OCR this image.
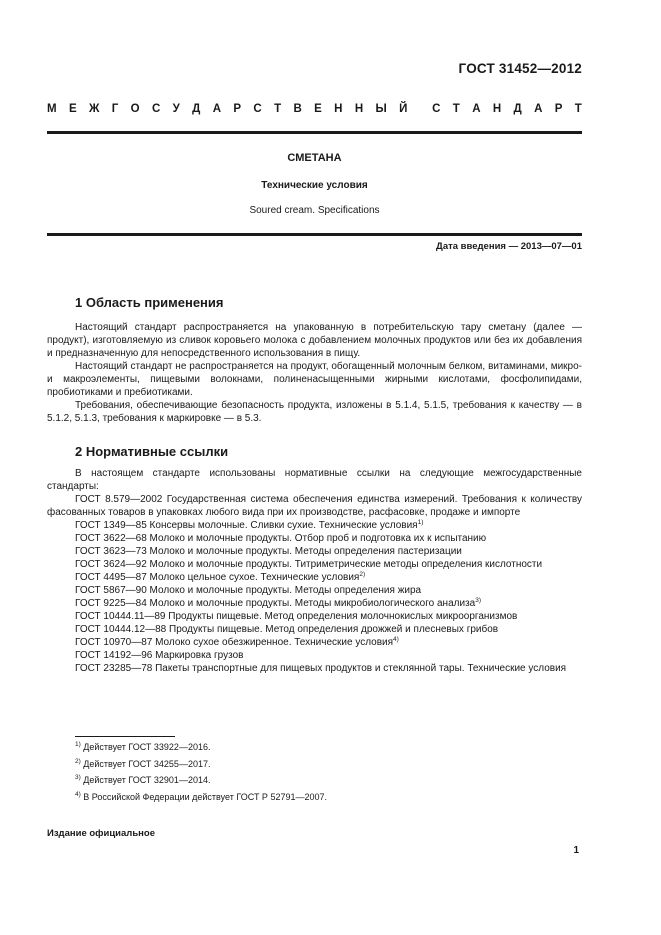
ГОСТ 31452—2012
М Е Ж Г О С У Д А Р С Т В Е Н Н Ы Й С Т А Н Д А Р Т
СМЕТАНА
Технические условия
Soured cream. Specifications
Дата введения — 2013—07—01
1 Область применения

Настоящий стандарт распространяется на упакованную в потребительскую тару сметану (далее — продукт), изготовляемую из сливок коровьего молока с добавлением молочных продуктов или без их добавления и предназначенную для непосредственного использования в пищу.

Настоящий стандарт не распространяется на продукт, обогащенный молочным белком, витаминами, микро- и макроэлементы, пищевыми волокнами, полиненасыщенными жирными кислотами, фосфолипидами, пробиотиками и пребиотиками.

Требования, обеспечивающие безопасность продукта, изложены в 5.1.4, 5.1.5, требования к качеству — в 5.1.2, 5.1.3, требования к маркировке — в 5.3.

2 Нормативные ссылки

В настоящем стандарте использованы нормативные ссылки на следующие межгосударственные стандарты:

ГОСТ 8.579—2002 Государственная система обеспечения единства измерений. Требования к количеству фасованных товаров в упаковках любого вида при их производстве, расфасовке, продаже и импорте

ГОСТ 1349—85 Консервы молочные. Сливки сухие. Технические условия$^{1)}$

ГОСТ 3622—68 Молоко и молочные продукты. Отбор проб и подготовка их к испытанию

ГОСТ 3623—73 Молоко и молочные продукты. Методы определения пастеризации

ГОСТ 3624—92 Молоко и молочные продукты. Титриметрические методы определения кислотности

ГОСТ 4495—87 Молоко цельное сухое. Технические условия$^{2)}$

ГОСТ 5867—90 Молоко и молочные продукты. Методы определения жира

ГОСТ 9225—84 Молоко и молочные продукты. Методы микробиологического анализа$^{3)}$

ГОСТ 10444.11—89 Продукты пищевые. Метод определения молочнокислых микроорганизмов

ГОСТ 10444.12—88 Продукты пищевые. Метод определения дрожжей и плесневых грибов

ГОСТ 10970—87 Молоко сухое обезжиренное. Технические условия$^{4)}$

ГОСТ 14192—96 Маркировка грузов

ГОСТ 23285—78 Пакеты транспортные для пищевых продуктов и стеклянной тары. Технические условия

$^{1)}$ Действует ГОСТ 33922—2016.
$^{2)}$ Действует ГОСТ 34255—2017.
$^{3)}$ Действует ГОСТ 32901—2014.
$^{4)}$ В Российской Федерации действует ГОСТ Р 52791—2007.
Издание официальное
1
